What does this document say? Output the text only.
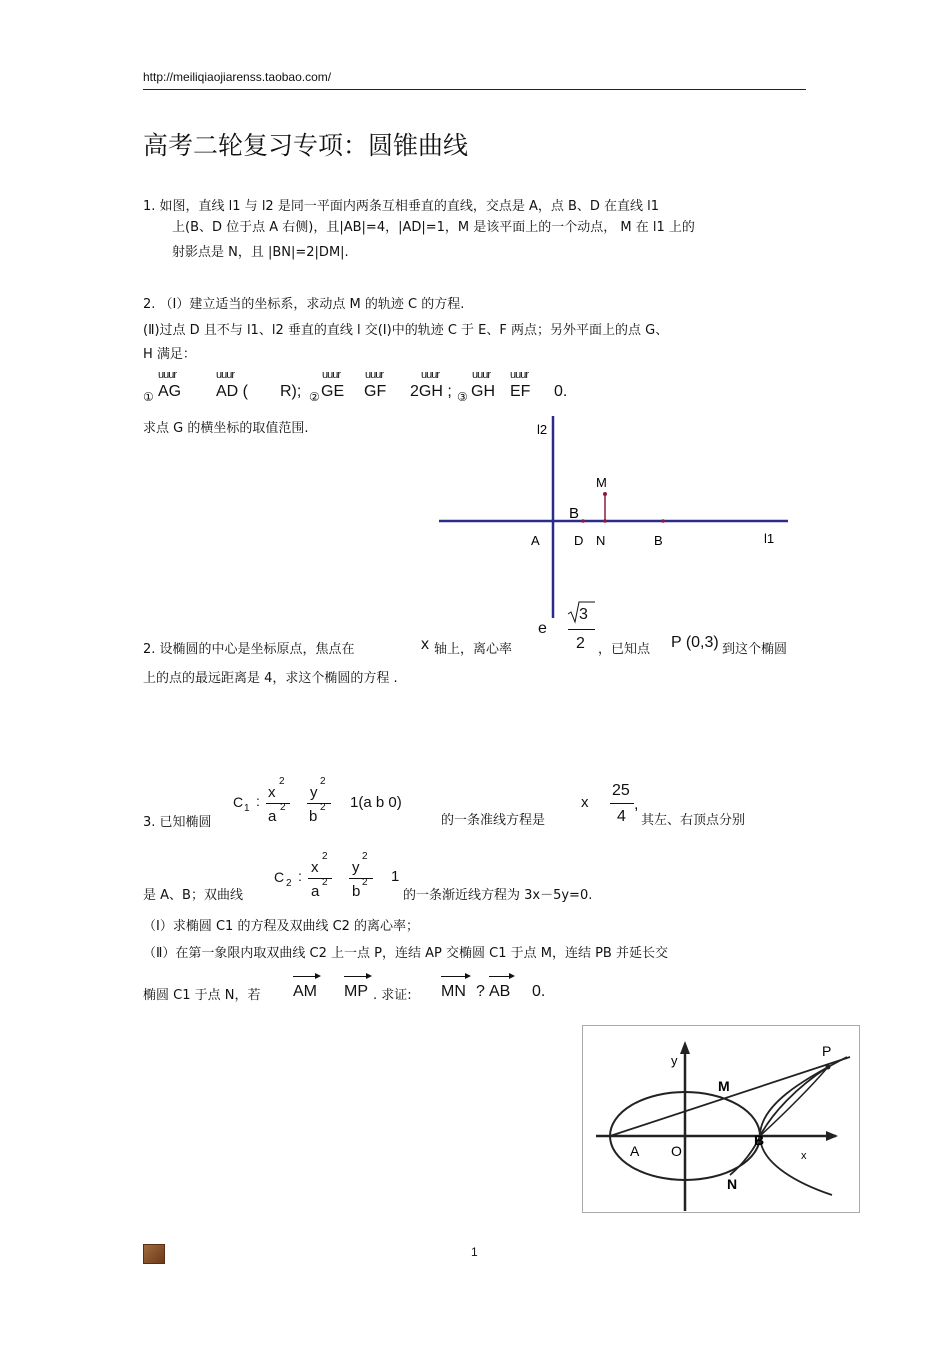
http://meiliqiaojiarenss.taobao.com/
高考二轮复习专项：圆锥曲线
1. 如图，直线 l1 与 l2 是同一平面内两条互相垂直的直线，交点是 A，点 B、D 在直线 l1
上(B、D 位于点 A 右侧)，且|AB|=4，|AD|=1，M 是该平面上的一个动点， M 在 l1 上的
射影点是 N，且 |BN|=2|DM|.
2. （Ⅰ）建立适当的坐标系，求动点 M 的轨迹 C 的方程.
(Ⅱ)过点 D 且不与 l1、l2 垂直的直线 l 交(Ⅰ)中的轨迹 C 于 E、F 两点；另外平面上的点 G、
H 满足：
uuur	uuur	uuur uuur	uuur	uuur uuur
① AG AD ( R); ② GE GF 2GH ; ③ GH EF 0.
求点 G 的横坐标的取值范围.	l2
M
B
A	D N	B	l1
2. 设椭圆的中心是坐标原点，焦点在	x 轴上，离心率
e
3
2 ，已知点 P (0,3) 到这个椭圆
上的点的最远距离是 4，求这个椭圆的方程 .
3. 已知椭圆
C 1 : x
2
a
2
y
2
b
2 1(a b 0)
的一条准线方程是
x
25
4
,
其左、右顶点分别
C 2 : x
2
a
2
y
2
b
2 1
是 A、B；双曲线	的一条渐近线方程为 3x－5y=0.
（Ⅰ）求椭圆 C1 的方程及双曲线 C2 的离心率；
（Ⅱ）在第一象限内取双曲线 C2 上一点 P，连结 AP 交椭圆 C1 于点 M，连结 PB 并延长交
椭圆 C1 于点 N，若 AM MP . 求证: MN ? AB 0.
y
P
M
A O
B
x
N
1
